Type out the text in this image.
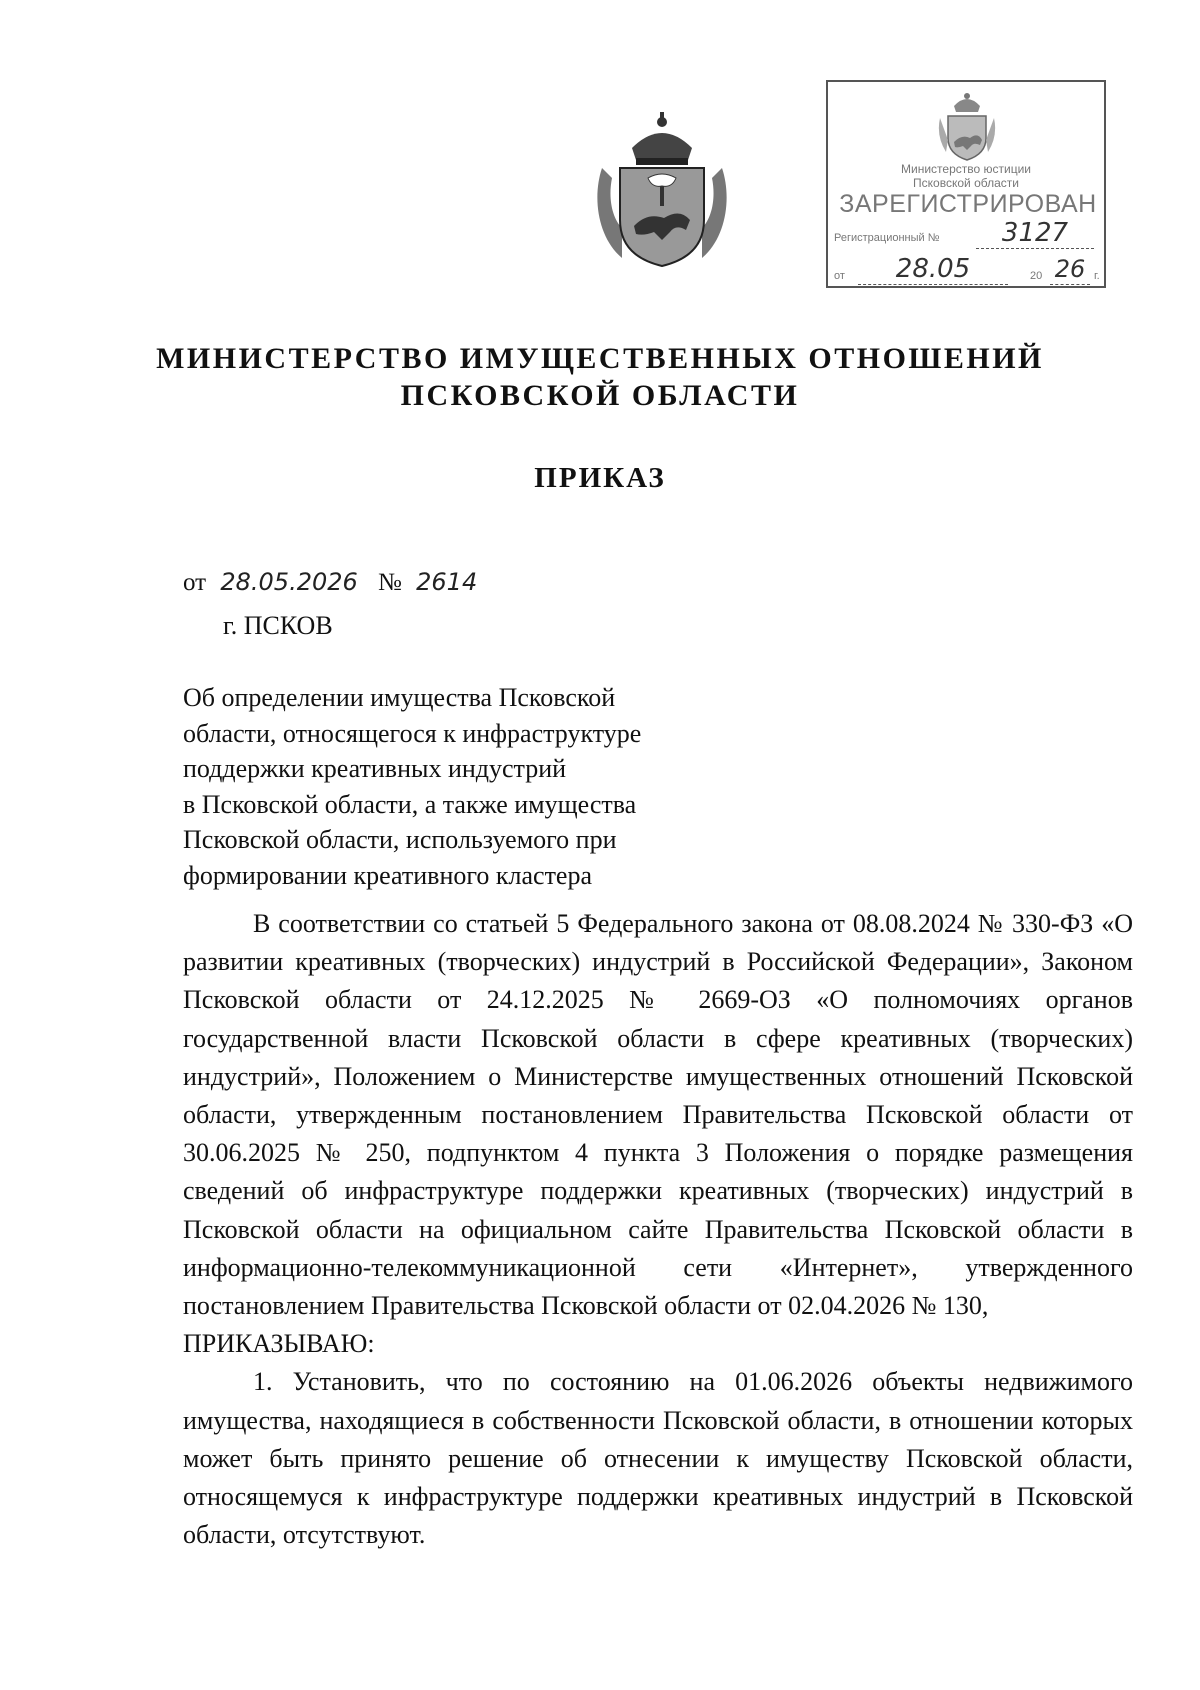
Министерство юстиции
Псковской области
ЗАРЕГИСТРИРОВАН
Регистрационный №	3127
от	28.05	20 26 г.
МИНИСТЕРСТВО ИМУЩЕСТВЕННЫХ ОТНОШЕНИЙ
ПСКОВСКОЙ ОБЛАСТИ
ПРИКАЗ
от 28.05.2026 № 2614
г. ПСКОВ
Об определении имущества Псковской
области, относящегося к инфраструктуре
поддержки креативных индустрий
в Псковской области, а также имущества
Псковской области, используемого при
формировании креативного кластера

В соответствии со статьей 5 Федерального закона от 08.08.2024 № 330-ФЗ «О развитии креативных (творческих) индустрий в Российской Федерации», Законом Псковской области от 24.12.2025 № 2669-ОЗ «О полномочиях органов государственной власти Псковской области в сфере креативных (творческих) индустрий», Положением о Министерстве имущественных отношений Псковской области, утвержденным постановлением Правительства Псковской области от 30.06.2025 № 250, подпунктом 4 пункта 3 Положения о порядке размещения сведений об инфраструктуре поддержки креативных (творческих) индустрий в Псковской области на официальном сайте Правительства Псковской области в информационно-телекоммуникационной сети «Интернет», утвержденного постановлением Правительства Псковской области от 02.04.2026 № 130,

ПРИКАЗЫВАЮ:

1. Установить, что по состоянию на 01.06.2026 объекты недвижимого имущества, находящиеся в собственности Псковской области, в отношении которых может быть принято решение об отнесении к имуществу Псковской области, относящемуся к инфраструктуре поддержки креативных индустрий в Псковской области, отсутствуют.
